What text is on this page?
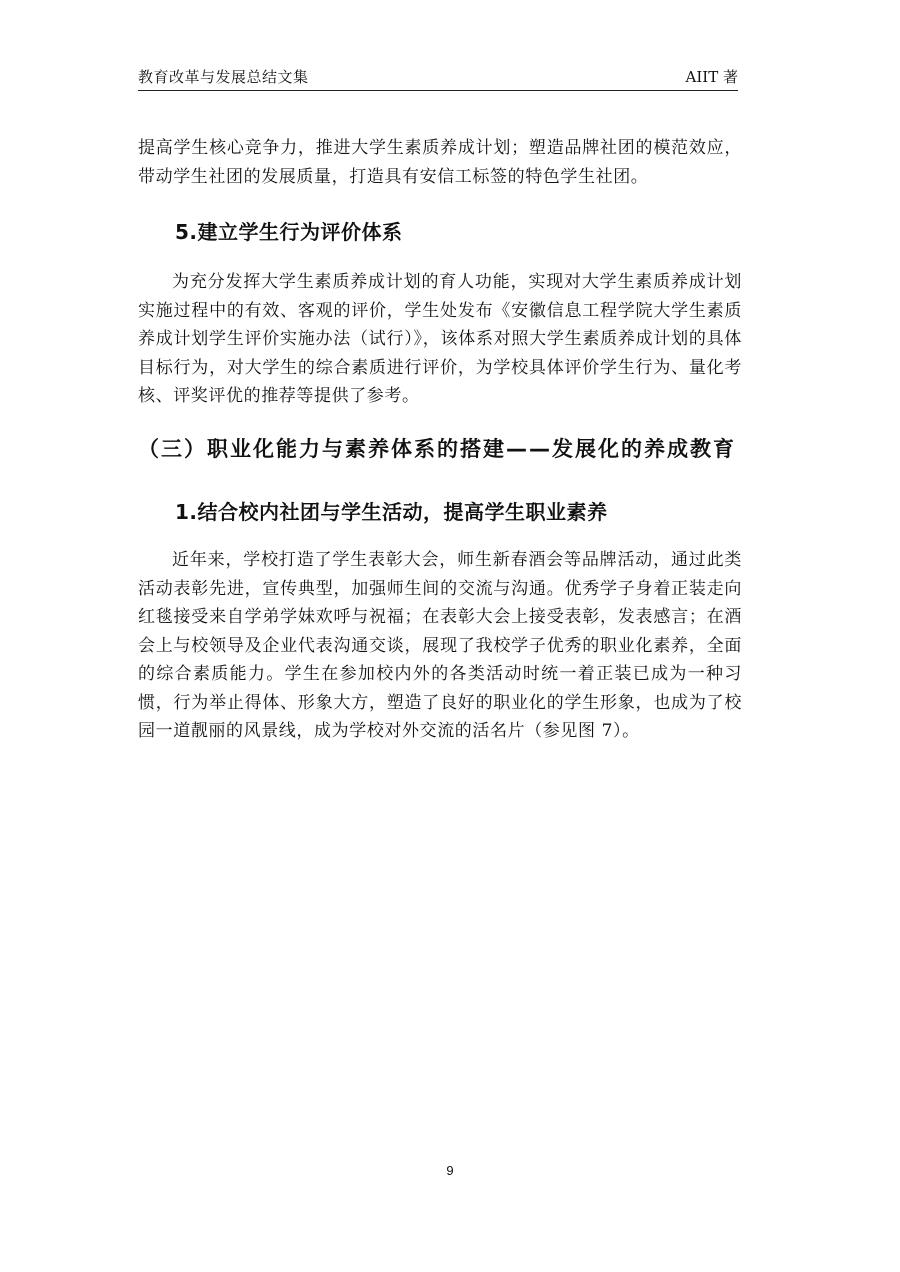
教育改革与发展总结文集	AIIT 著

提高学生核心竞争力，推进大学生素质养成计划；塑造品牌社团的模范效应，带动学生社团的发展质量，打造具有安信工标签的特色学生社团。

5.建立学生行为评价体系

为充分发挥大学生素质养成计划的育人功能，实现对大学生素质养成计划实施过程中的有效、客观的评价，学生处发布《安徽信息工程学院大学生素质养成计划学生评价实施办法（试行）》，该体系对照大学生素质养成计划的具体目标行为，对大学生的综合素质进行评价，为学校具体评价学生行为、量化考核、评奖评优的推荐等提供了参考。

（三）职业化能力与素养体系的搭建——发展化的养成教育
1.结合校内社团与学生活动，提高学生职业素养

近年来，学校打造了学生表彰大会，师生新春酒会等品牌活动，通过此类活动表彰先进，宣传典型，加强师生间的交流与沟通。优秀学子身着正装走向红毯接受来自学弟学妹欢呼与祝福；在表彰大会上接受表彰，发表感言；在酒会上与校领导及企业代表沟通交谈，展现了我校学子优秀的职业化素养，全面的综合素质能力。学生在参加校内外的各类活动时统一着正装已成为一种习惯，行为举止得体、形象大方，塑造了良好的职业化的学生形象，也成为了校园一道靓丽的风景线，成为学校对外交流的活名片（参见图 7）。

9
